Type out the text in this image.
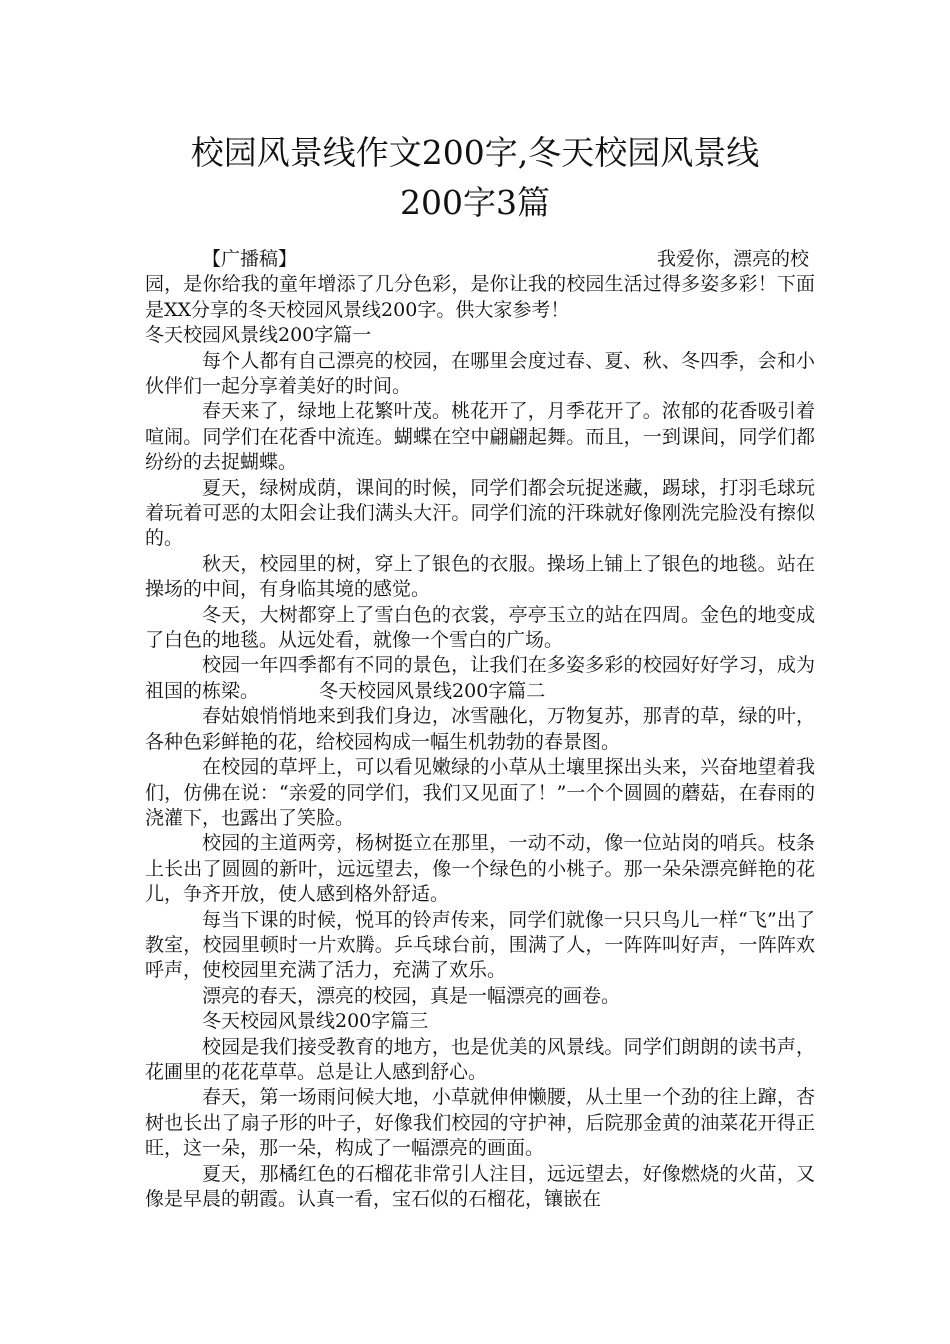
校园风景线作文200字,冬天校园风景线
200字3篇
【广播稿】	我爱你，漂亮的校

园，是你给我的童年增添了几分色彩，是你让我的校园生活过得多姿多彩！下面是XX分享的冬天校园风景线200字。供大家参考！

冬天校园风景线200字篇一

每个人都有自己漂亮的校园，在哪里会度过春、夏、秋、冬四季，会和小伙伴们一起分享着美好的时间。

春天来了，绿地上花繁叶茂。桃花开了，月季花开了。浓郁的花香吸引着喧闹。同学们在花香中流连。蝴蝶在空中翩翩起舞。而且，一到课间，同学们都纷纷的去捉蝴蝶。

夏天，绿树成荫，课间的时候，同学们都会玩捉迷藏，踢球，打羽毛球玩着玩着可恶的太阳会让我们满头大汗。同学们流的汗珠就好像刚洗完脸没有擦似的。

秋天，校园里的树，穿上了银色的衣服。操场上铺上了银色的地毯。站在操场的中间，有身临其境的感觉。

冬天，大树都穿上了雪白色的衣裳，亭亭玉立的站在四周。金色的地变成了白色的地毯。从远处看，就像一个雪白的广场。

校园一年四季都有不同的景色，让我们在多姿多彩的校园好好学习，成为祖国的栋梁。	冬天校园风景线200字篇二

春姑娘悄悄地来到我们身边，冰雪融化，万物复苏，那青的草，绿的叶，各种色彩鲜艳的花，给校园构成一幅生机勃勃的春景图。

在校园的草坪上，可以看见嫩绿的小草从土壤里探出头来，兴奋地望着我们，仿佛在说：“亲爱的同学们，我们又见面了！”一个个圆圆的蘑菇，在春雨的浇灌下，也露出了笑脸。

校园的主道两旁，杨树挺立在那里，一动不动，像一位站岗的哨兵。枝条上长出了圆圆的新叶，远远望去，像一个绿色的小桃子。那一朵朵漂亮鲜艳的花儿，争齐开放，使人感到格外舒适。

每当下课的时候，悦耳的铃声传来，同学们就像一只只鸟儿一样“飞”出了教室，校园里顿时一片欢腾。乒乓球台前，围满了人，一阵阵叫好声，一阵阵欢呼声，使校园里充满了活力，充满了欢乐。

漂亮的春天，漂亮的校园，真是一幅漂亮的画卷。

冬天校园风景线200字篇三

校园是我们接受教育的地方，也是优美的风景线。同学们朗朗的读书声，花圃里的花花草草。总是让人感到舒心。

春天，第一场雨问候大地，小草就伸伸懒腰，从土里一个劲的往上蹿，杏树也长出了扇子形的叶子，好像我们校园的守护神，后院那金黄的油菜花开得正旺，这一朵，那一朵，构成了一幅漂亮的画面。

夏天，那橘红色的石榴花非常引人注目，远远望去，好像燃烧的火苗，又像是早晨的朝霞。认真一看，宝石似的石榴花，镶嵌在
